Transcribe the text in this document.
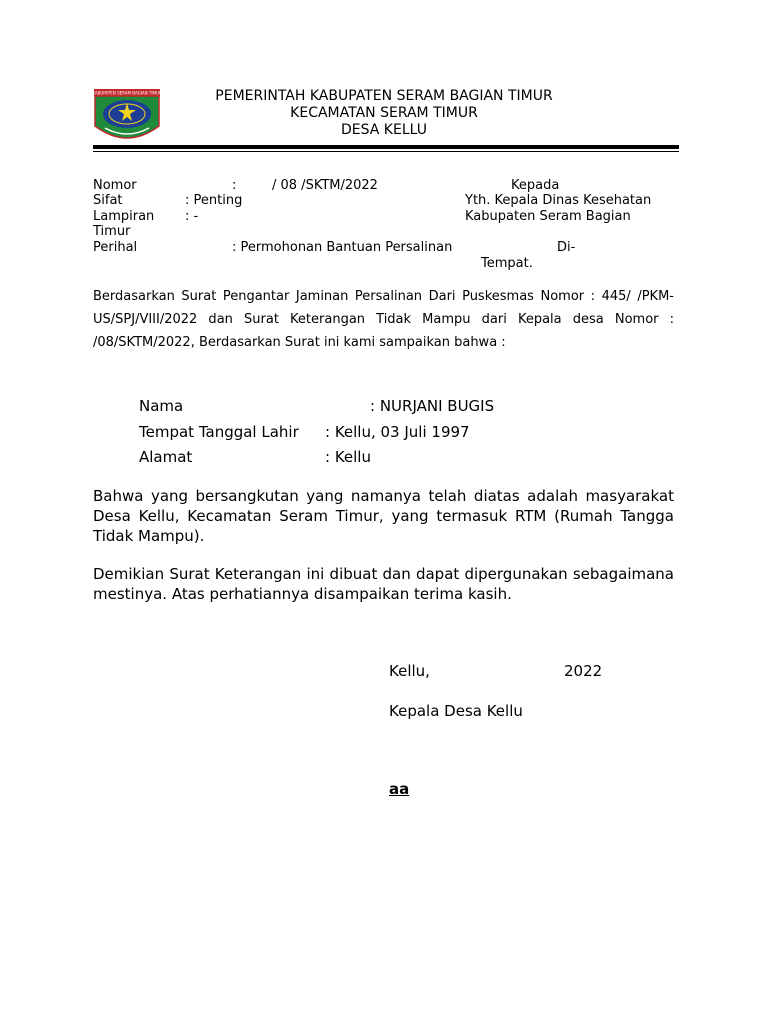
KABUPATEN SERAM BAGIAN TIMUR	PEMERINTAH KABUPATEN SERAM BAGIAN TIMUR
KECAMATAN SERAM TIMUR
DESA KELLU
Nomor	:	/ 08 /SKTM/2022	Kepada
Sifat	: Penting	Yth. Kepala Dinas Kesehatan
Lampiran : -	Kabupaten Seram Bagian
Timur
Perihal	: Permohonan Bantuan Persalinan	Di-
Tempat.
Berdasarkan Surat Pengantar Jaminan Persalinan Dari Puskesmas Nomor : 445/ /PKM-US/SPJ/VIII/2022 dan Surat Keterangan Tidak Mampu dari Kepala desa Nomor : /08/SKTM/2022, Berdasarkan Surat ini kami sampaikan bahwa :
Nama	: NURJANI BUGIS
Tempat Tanggal Lahir : Kellu, 03 Juli 1997
Alamat	: Kellu
Bahwa yang bersangkutan yang namanya telah diatas adalah masyarakat Desa Kellu, Kecamatan Seram Timur, yang termasuk RTM (Rumah Tangga Tidak Mampu).
Demikian Surat Keterangan ini dibuat dan dapat dipergunakan sebagaimana mestinya. Atas perhatiannya disampaikan terima kasih.
Kellu,	2022
Kepala Desa Kellu
aa
